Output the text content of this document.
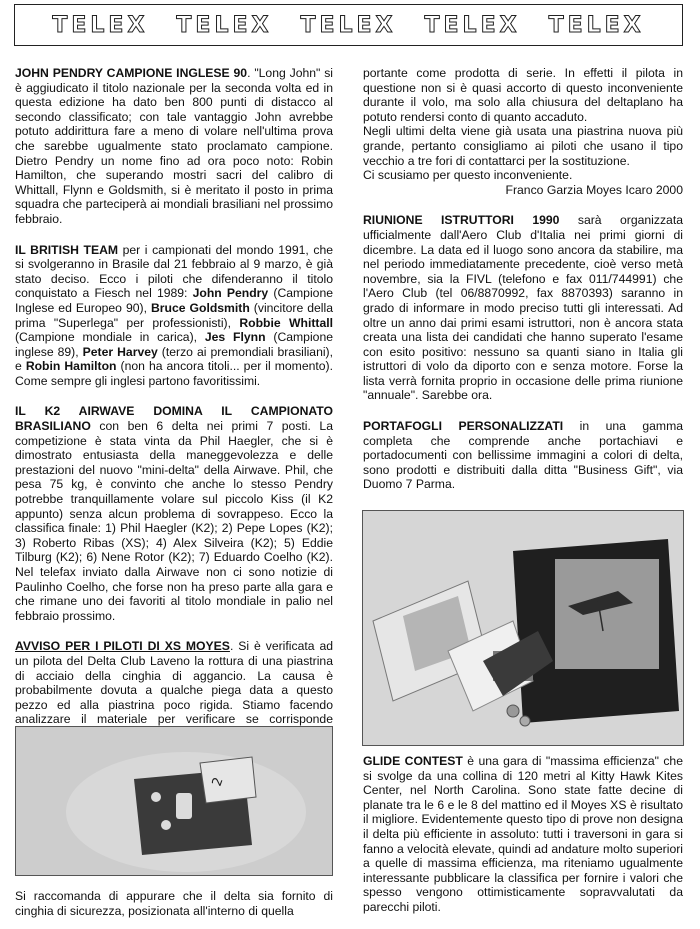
TELEX TELEX TELEX TELEX TELEX

JOHN PENDRY CAMPIONE INGLESE 90. "Long John" si è aggiudicato il titolo nazionale per la seconda volta ed in questa edizione ha dato ben 800 punti di distacco al secondo classificato; con tale vantaggio John avrebbe potuto addirittura fare a meno di volare nell'ultima prova che sarebbe ugualmente stato proclamato campione. Dietro Pendry un nome fino ad ora poco noto: Robin Hamilton, che superando mostri sacri del calibro di Whittall, Flynn e Goldsmith, si è meritato il posto in prima squadra che parteciperà ai mondiali brasiliani nel prossimo febbraio.

IL BRITISH TEAM per i campionati del mondo 1991, che si svolgeranno in Brasile dal 21 febbraio al 9 marzo, è già stato deciso. Ecco i piloti che difenderanno il titolo conquistato a Fiesch nel 1989: John Pendry (Campione Inglese ed Europeo 90), Bruce Goldsmith (vincitore della prima "Superlega" per professionisti), Robbie Whittall (Campione mondiale in carica), Jes Flynn (Campione inglese 89), Peter Harvey (terzo ai premondiali brasiliani), e Robin Hamilton (non ha ancora titoli... per il momento). Come sempre gli inglesi partono favoritissimi.

IL K2 AIRWAVE DOMINA IL CAMPIONATO BRASILIANO con ben 6 delta nei primi 7 posti. La competizione è stata vinta da Phil Haegler, che si è dimostrato entusiasta della maneggevolezza e delle prestazioni del nuovo "mini-delta" della Airwave. Phil, che pesa 75 kg, è convinto che anche lo stesso Pendry potrebbe tranquillamente volare sul piccolo Kiss (il K2 appunto) senza alcun problema di sovrappeso. Ecco la classifica finale: 1) Phil Haegler (K2); 2) Pepe Lopes (K2); 3) Roberto Ribas (XS); 4) Alex Silveira (K2); 5) Eddie Tilburg (K2); 6) Nene Rotor (K2); 7) Eduardo Coelho (K2). Nel telefax inviato dalla Airwave non ci sono notizie di Paulinho Coelho, che forse non ha preso parte alla gara e che rimane uno dei favoriti al titolo mondiale in palio nel febbraio prossimo.

AVVISO PER I PILOTI DI XS MOYES. Si è verificata ad un pilota del Delta Club Laveno la rottura di una piastrina di acciaio della cinghia di aggancio. La causa è probabilmente dovuta a qualche piega data a questo pezzo ed alla piastrina poco rigida. Stiamo facendo analizzare il materiale per verificare se corrisponde

2
Si raccomanda di appurare che il delta sia fornito di cinghia di sicurezza, posizionata all'interno di quella

portante come prodotta di serie. In effetti il pilota in questione non si è quasi accorto di questo inconveniente durante il volo, ma solo alla chiusura del deltaplano ha potuto rendersi conto di quanto accaduto.

Negli ultimi delta viene già usata una piastrina nuova più grande, pertanto consigliamo ai piloti che usano il tipo vecchio a tre fori di contattarci per la sostituzione.

Ci scusiamo per questo inconveniente.

Franco Garzia Moyes Icaro 2000

RIUNIONE ISTRUTTORI 1990 sarà organizzata ufficialmente dall'Aero Club d'Italia nei primi giorni di dicembre. La data ed il luogo sono ancora da stabilire, ma nel periodo immediatamente precedente, cioè verso metà novembre, sia la FIVL (telefono e fax 011/744991) che l'Aero Club (tel 06/8870992, fax 8870393) saranno in grado di informare in modo preciso tutti gli interessati. Ad oltre un anno dai primi esami istruttori, non è ancora stata creata una lista dei candidati che hanno superato l'esame con esito positivo: nessuno sa quanti siano in Italia gli istruttori di volo da diporto con e senza motore. Forse la lista verrà fornita proprio in occasione delle prima riunione "annuale". Sarebbe ora.

PORTAFOGLI PERSONALIZZATI in una gamma completa che comprende anche portachiavi e portadocumenti con bellissime immagini a colori di delta, sono prodotti e distribuiti dalla ditta "Business Gift", via Duomo 7 Parma.

GLIDE CONTEST è una gara di "massima efficienza" che si svolge da una collina di 120 metri al Kitty Hawk Kites Center, nel North Carolina. Sono state fatte decine di planate tra le 6 e le 8 del mattino ed il Moyes XS è risultato il migliore. Evidentemente questo tipo di prove non designa il delta più efficiente in assoluto: tutti i traversoni in gara si fanno a velocità elevate, quindi ad andature molto superiori a quelle di massima efficienza, ma riteniamo ugualmente interessante pubblicare la classifica per fornire i valori che spesso vengono ottimisticamente sopravvalutati da parecchi piloti.
